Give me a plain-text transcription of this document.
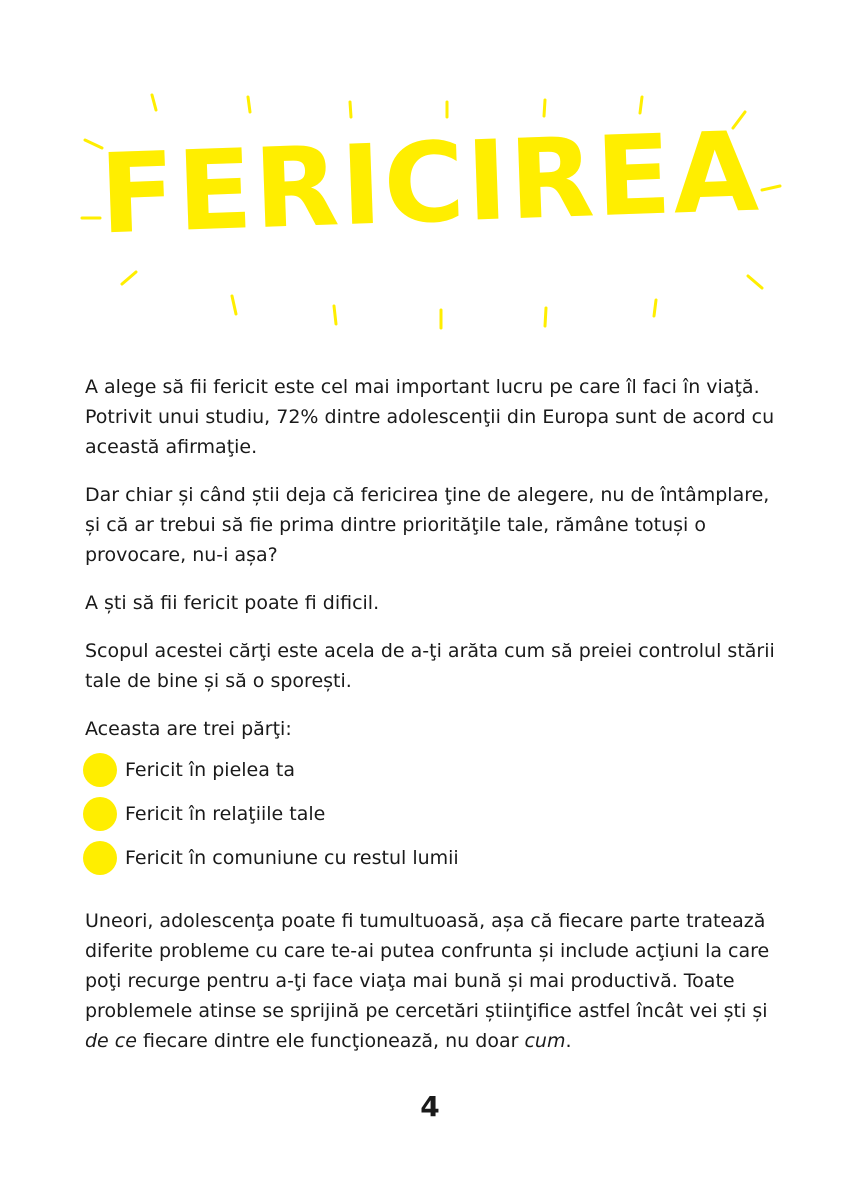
FERICIREA

A alege să fii fericit este cel mai important lucru pe care îl faci în viaţă. Potrivit unui studiu, 72% dintre adolescenţii din Europa sunt de acord cu această afirmaţie.

Dar chiar și când știi deja că fericirea ţine de alegere, nu de întâmplare, și că ar trebui să fie prima dintre priorităţile tale, rămâne totuși o provocare, nu-i așa?

A ști să fii fericit poate fi dificil.

Scopul acestei cărţi este acela de a-ţi arăta cum să preiei controlul stării tale de bine și să o sporești.

Aceasta are trei părţi:

Fericit în pielea ta
Fericit în relaţiile tale
Fericit în comuniune cu restul lumii

Uneori, adolescenţa poate fi tumultuoasă, așa că fiecare parte tratează diferite probleme cu care te-ai putea confrunta și include acţiuni la care poţi recurge pentru a-ţi face viaţa mai bună și mai productivă. Toate problemele atinse se sprijină pe cercetări știinţifice astfel încât vei ști și de ce fiecare dintre ele funcţionează, nu doar cum.

4
